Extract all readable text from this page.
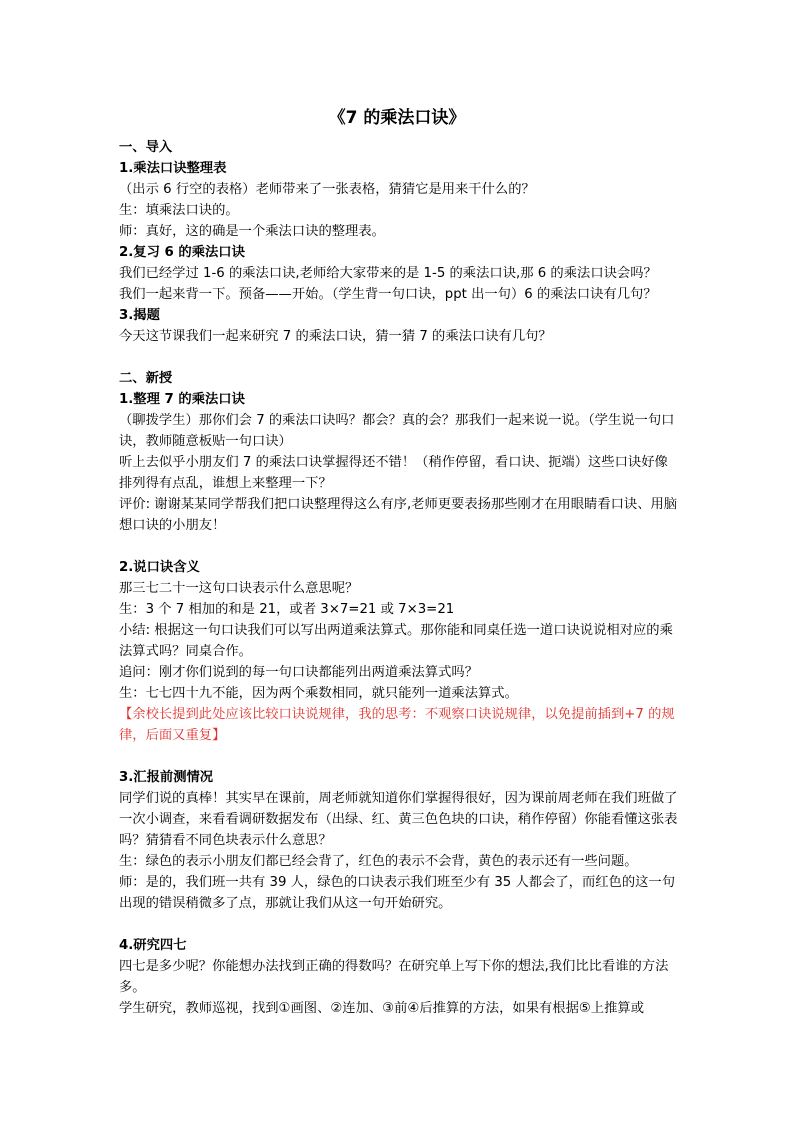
《7 的乘法口诀》
一、导入
1.乘法口诀整理表

（出示 6 行空的表格）老师带来了一张表格，猜猜它是用来干什么的？

生：填乘法口诀的。

师：真好，这的确是一个乘法口诀的整理表。

2.复习 6 的乘法口诀

我们已经学过 1-6 的乘法口诀,老师给大家带来的是 1-5 的乘法口诀,那 6 的乘法口诀会吗？

我们一起来背一下。预备——开始。（学生背一句口诀，ppt 出一句）6 的乘法口诀有几句？

3.揭题

今天这节课我们一起来研究 7 的乘法口诀，猜一猜 7 的乘法口诀有几句？

二、新授
1.整理 7 的乘法口诀

（聊拨学生）那你们会 7 的乘法口诀吗？都会？真的会？那我们一起来说一说。（学生说一句口诀，教师随意板贴一句口诀）

听上去似乎小朋友们 7 的乘法口诀掌握得还不错！（稍作停留，看口诀、扼端）这些口诀好像排列得有点乱，谁想上来整理一下？

评价: 谢谢某某同学帮我们把口诀整理得这么有序,老师更要表扬那些刚才在用眼睛看口诀、用脑想口诀的小朋友！

2.说口诀含义

那三七二十一这句口诀表示什么意思呢？

生：3 个 7 相加的和是 21，或者 3×7=21 或 7×3=21

小结: 根据这一句口诀我们可以写出两道乘法算式。那你能和同桌任选一道口诀说说相对应的乘法算式吗？同桌合作。

追问：刚才你们说到的每一句口诀都能列出两道乘法算式吗？

生：七七四十九不能，因为两个乘数相同，就只能列一道乘法算式。

【余校长提到此处应该比较口诀说规律，我的思考：不观察口诀说规律，以免提前插到+7 的规律，后面又重复】

3.汇报前测情况

同学们说的真棒！其实早在课前，周老师就知道你们掌握得很好，因为课前周老师在我们班做了一次小调查，来看看调研数据发布（出绿、红、黄三色色块的口诀，稍作停留）你能看懂这张表吗？猜猜看不同色块表示什么意思？

生：绿色的表示小朋友们都已经会背了，红色的表示不会背，黄色的表示还有一些问题。

师：是的，我们班一共有 39 人，绿色的口诀表示我们班至少有 35 人都会了，而红色的这一句出现的错误稍微多了点，那就让我们从这一句开始研究。

4.研究四七

四七是多少呢？你能想办法找到正确的得数吗？在研究单上写下你的想法,我们比比看谁的方法多。

学生研究，教师巡视，找到①画图、②连加、③前④后推算的方法，如果有根据⑤上推算或
